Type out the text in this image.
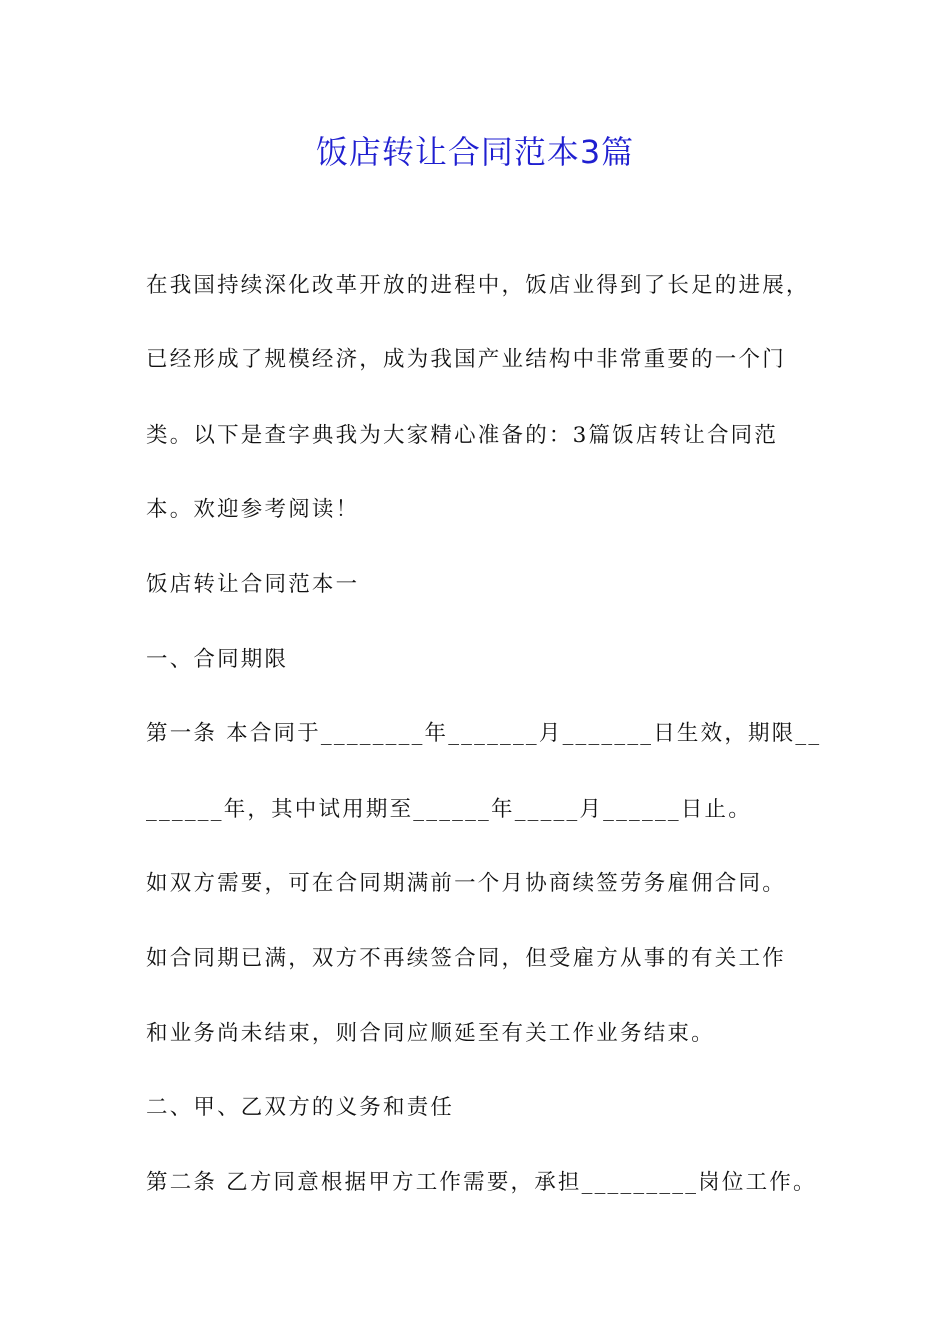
饭店转让合同范本3篇

在我国持续深化改革开放的进程中，饭店业得到了长足的进展，

已经形成了规模经济，成为我国产业结构中非常重要的一个门

类。以下是查字典我为大家精心准备的：3篇饭店转让合同范

本。欢迎参考阅读！

饭店转让合同范本一

一、合同期限

第一条 本合同于________年_______月_______日生效，期限__

______年，其中试用期至______年_____月______日止。

如双方需要，可在合同期满前一个月协商续签劳务雇佣合同。

如合同期已满，双方不再续签合同，但受雇方从事的有关工作

和业务尚未结束，则合同应顺延至有关工作业务结束。

二、甲、乙双方的义务和责任

第二条 乙方同意根据甲方工作需要，承担_________岗位工作。
